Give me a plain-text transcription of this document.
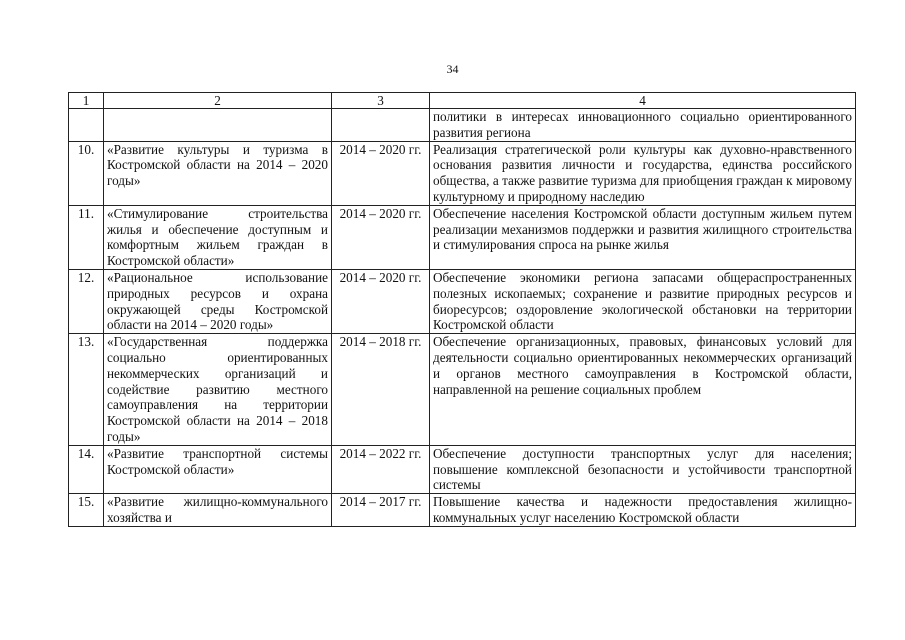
34
1	2	3	4
			политики в интересах инновационного социально ориентированного развития региона
10.	«Развитие культуры и туризма в Костромской области на 2014 – 2020 годы»	2014 – 2020 гг.	Реализация стратегической роли культуры как духовно-нравственного основания развития личности и государства, единства российского общества, а также развитие туризма для приобщения граждан к мировому культурному и природному наследию
11.	«Стимулирование строительства жилья и обеспечение доступным и комфортным жильем граждан в Костромской области»	2014 – 2020 гг.	Обеспечение населения Костромской области доступным жильем путем реализации механизмов поддержки и развития жилищного строительства и стимулирования спроса на рынке жилья
12.	«Рациональное использование природных ресурсов и охрана окружающей среды Костромской области на 2014 – 2020 годы»	2014 – 2020 гг.	Обеспечение экономики региона запасами общераспространенных полезных ископаемых; сохранение и развитие природных ресурсов и биоресурсов; оздоровление экологической обстановки на территории Костромской области
13.	«Государственная поддержка социально ориентированных некоммерческих организаций и содействие развитию местного самоуправления на территории Костромской области на 2014 – 2018 годы»	2014 – 2018 гг.	Обеспечение организационных, правовых, финансовых условий для деятельности социально ориентированных некоммерческих организаций и органов местного самоуправления в Костромской области, направленной на решение социальных проблем
14.	«Развитие транспортной системы Костромской области»	2014 – 2022 гг.	Обеспечение доступности транспортных услуг для населения; повышение комплексной безопасности и устойчивости транспортной системы
15.	«Развитие жилищно-коммунального хозяйства и	2014 – 2017 гг.	Повышение качества и надежности предоставления жилищно-коммунальных услуг населению Костромской области
